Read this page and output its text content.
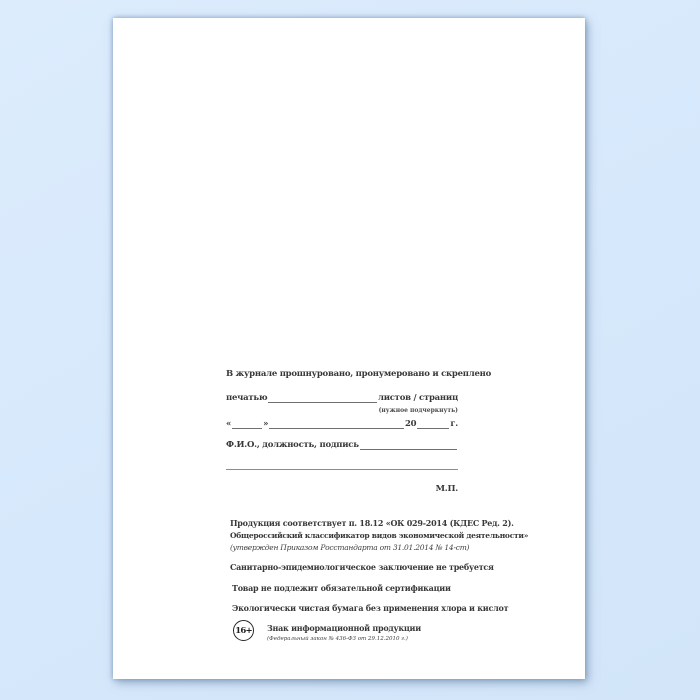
В журнале прошнуровано, пронумеровано и скреплено
печатью	листов / страниц
(нужное подчеркнуть)
«	»	20	г.
Ф.И.О., должность, подпись
М.П.
Продукция соответствует п. 18.12 «ОК 029-2014 (КДЕС Ред. 2).
Общероссийский классификатор видов экономической деятельности»
(утвержден Приказом Росстандарта от 31.01.2014 № 14-ст)
Санитарно-эпидемиологическое заключение не требуется
Товар не подлежит обязательной сертификации
Экологически чистая бумага без применения хлора и кислот
16+ Знак информационной продукции
(Федеральный закон № 436-ФЗ от 29.12.2010 г.)
